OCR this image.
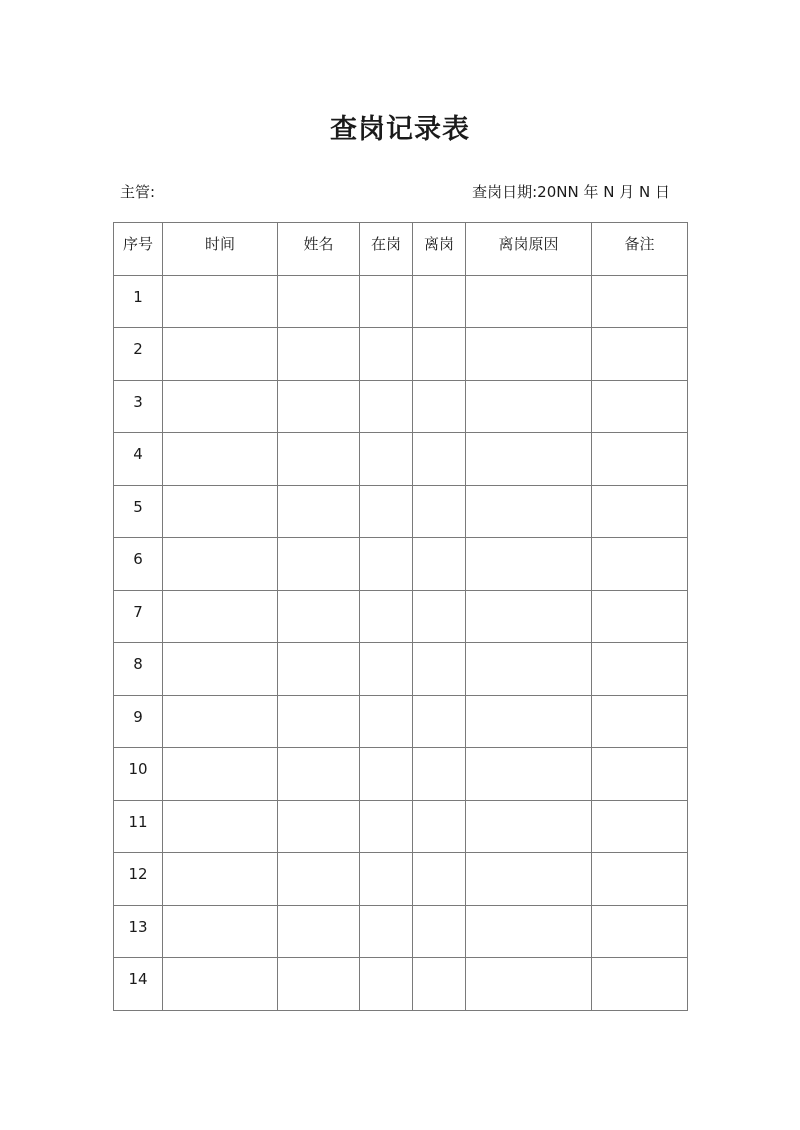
查岗记录表
主管:	查岗日期:20NN 年 N 月 N 日
序号	时间	姓名	在岗	离岗	离岗原因	备注

1						

2						

3						

4						

5						

6						

7						

8						

9						

10						

11						

12						

13						

14						
